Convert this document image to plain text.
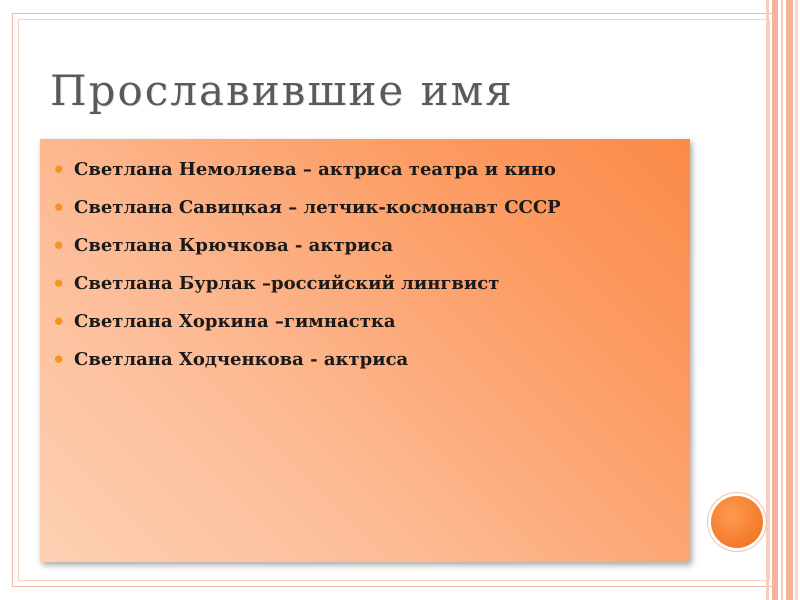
Прославившие имя
⚫ Светлана Немоляева – актриса театра и кино
⚫ Светлана Савицкая – летчик-космонавт СССР
⚫ Светлана Крючкова - актриса
⚫ Светлана Бурлак –российский лингвист
⚫ Светлана Хоркина –гимнастка
⚫ Светлана Ходченкова - актриса
